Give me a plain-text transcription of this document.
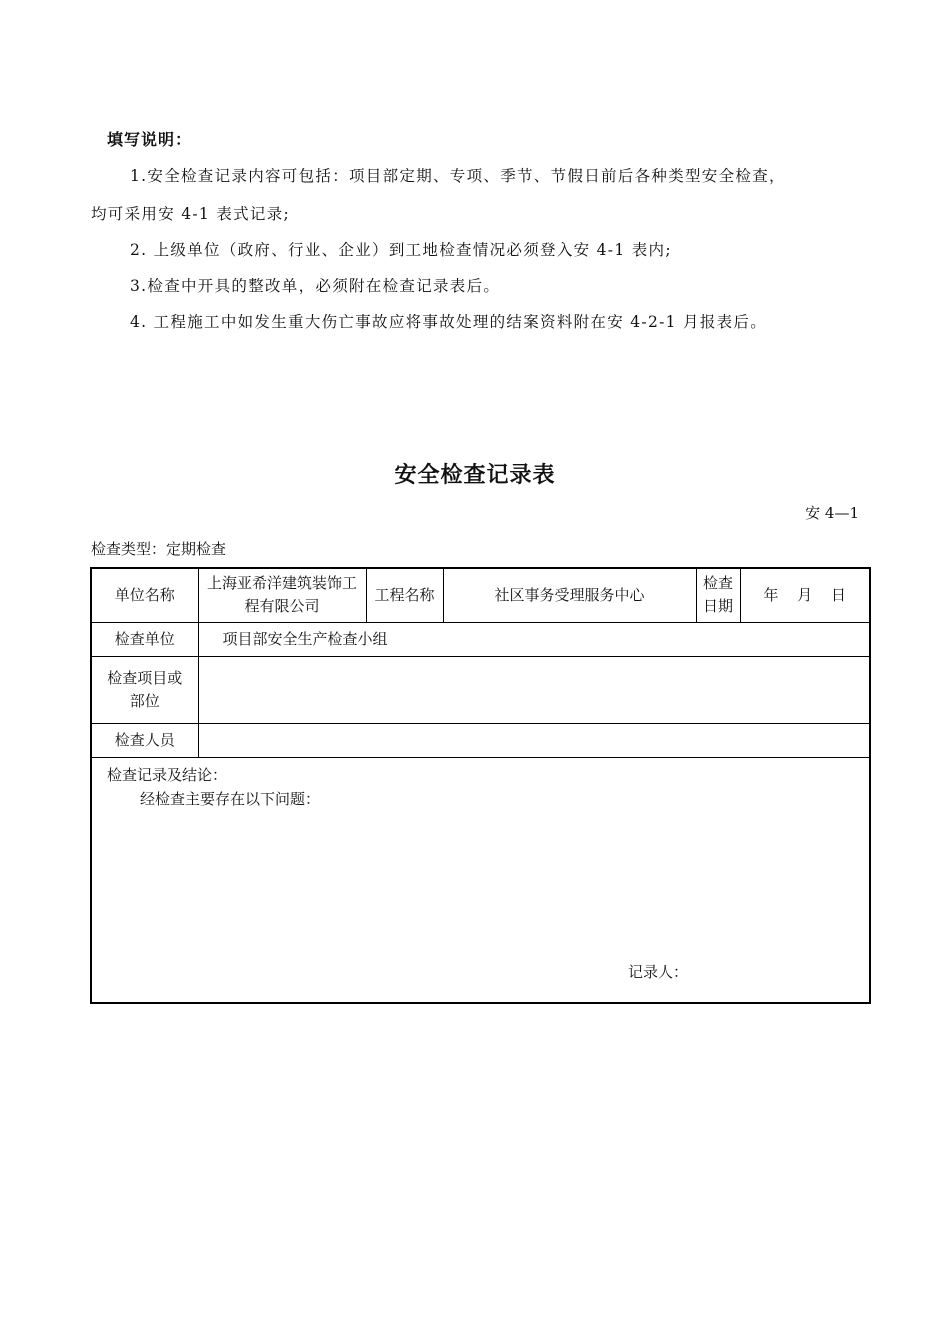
填写说明：
1.安全检查记录内容可包括：项目部定期、专项、季节、节假日前后各种类型安全检查，
均可采用安 4-1 表式记录;
2. 上级单位（政府、行业、企业）到工地检查情况必须登入安 4-1 表内;
3.检查中开具的整改单，必须附在检查记录表后。
4. 工程施工中如发生重大伤亡事故应将事故处理的结案资料附在安 4-2-1 月报表后。
安全检查记录表
安 4—1
检查类型：定期检查
单位名称	上海亚希洋建筑装饰工程有限公司	工程名称	社区事务受理服务中心	检查日期	年 月 日
检查单位	项目部安全生产检查小组				
检查项目或部位					
检查人员					

检查记录及结论：
经检查主要存在以下问题：
记录人：					
